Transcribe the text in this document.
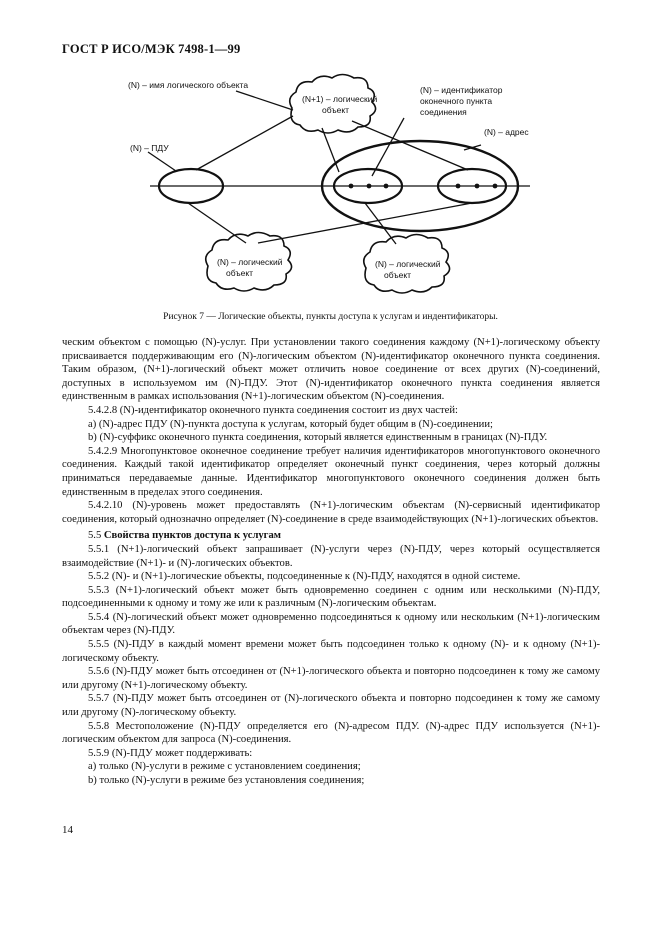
ГОСТ Р ИСО/МЭК 7498-1—99
(N) – имя логического объекта
(N+1) – логический
объект
(N) – идентификатор
оконечного пункта
соединения
(N) – адрес
(N) – ПДУ
(N) – логический
объект
(N) – логический
объект
Рисунок 7 — Логические объекты, пункты доступа к услугам и индентификаторы.

ческим объектом с помощью (N)-услуг. При установлении такого соединения каждому (N+1)-логическому объекту присваивается поддерживающим его (N)-логическим объектом (N)-идентификатор оконечного пункта соединения. Таким образом, (N+1)-логический объект может отличить новое соединение от всех других (N)-соединений, доступных в используемом им (N)-ПДУ. Этот (N)-идентификатор оконечного пункта соединения является единственным в рамках использования (N+1)-логическим объектом (N)-соединения.

5.4.2.8 (N)-идентификатор оконечного пункта соединения состоит из двух частей:

а) (N)-адрес ПДУ (N)-пункта доступа к услугам, который будет общим в (N)-соединении;

b) (N)-суффикс оконечного пункта соединения, который является единственным в границах (N)-ПДУ.

5.4.2.9 Многопунктовое оконечное соединение требует наличия идентификаторов многопунктового оконечного соединения. Каждый такой идентификатор определяет оконечный пункт соединения, через который должны приниматься передаваемые данные. Идентификатор многопунктового оконечного соединения должен быть единственным в пределах этого соединения.

5.4.2.10 (N)-уровень может предоставлять (N+1)-логическим объектам (N)-сервисный идентификатор соединения, который однозначно определяет (N)-соединение в среде взаимодействующих (N+1)-логических объектов.

5.5 Свойства пунктов доступа к услугам

5.5.1 (N+1)-логический объект запрашивает (N)-услуги через (N)-ПДУ, через который осуществляется взаимодействие (N+1)- и (N)-логических объектов.

5.5.2 (N)- и (N+1)-логические объекты, подсоединенные к (N)-ПДУ, находятся в одной системе.

5.5.3 (N+1)-логический объект может быть одновременно соединен с одним или несколькими (N)-ПДУ, подсоединенными к одному и тому же или к различным (N)-логическим объектам.

5.5.4 (N)-логический объект может одновременно подсоединяться к одному или нескольким (N+1)-логическим объектам через (N)-ПДУ.

5.5.5 (N)-ПДУ в каждый момент времени может быть подсоединен только к одному (N)- и к одному (N+1)-логическому объекту.

5.5.6 (N)-ПДУ может быть отсоединен от (N+1)-логического объекта и повторно подсоединен к тому же самому или другому (N+1)-логическому объекту.

5.5.7 (N)-ПДУ может быть отсоединен от (N)-логического объекта и повторно подсоединен к тому же самому или другому (N)-логическому объекту.

5.5.8 Местоположение (N)-ПДУ определяется его (N)-адресом ПДУ. (N)-адрес ПДУ используется (N+1)-логическим объектом для запроса (N)-соединения.

5.5.9 (N)-ПДУ может поддерживать:

а) только (N)-услуги в режиме с установлением соединения;

b) только (N)-услуги в режиме без установления соединения;

14
